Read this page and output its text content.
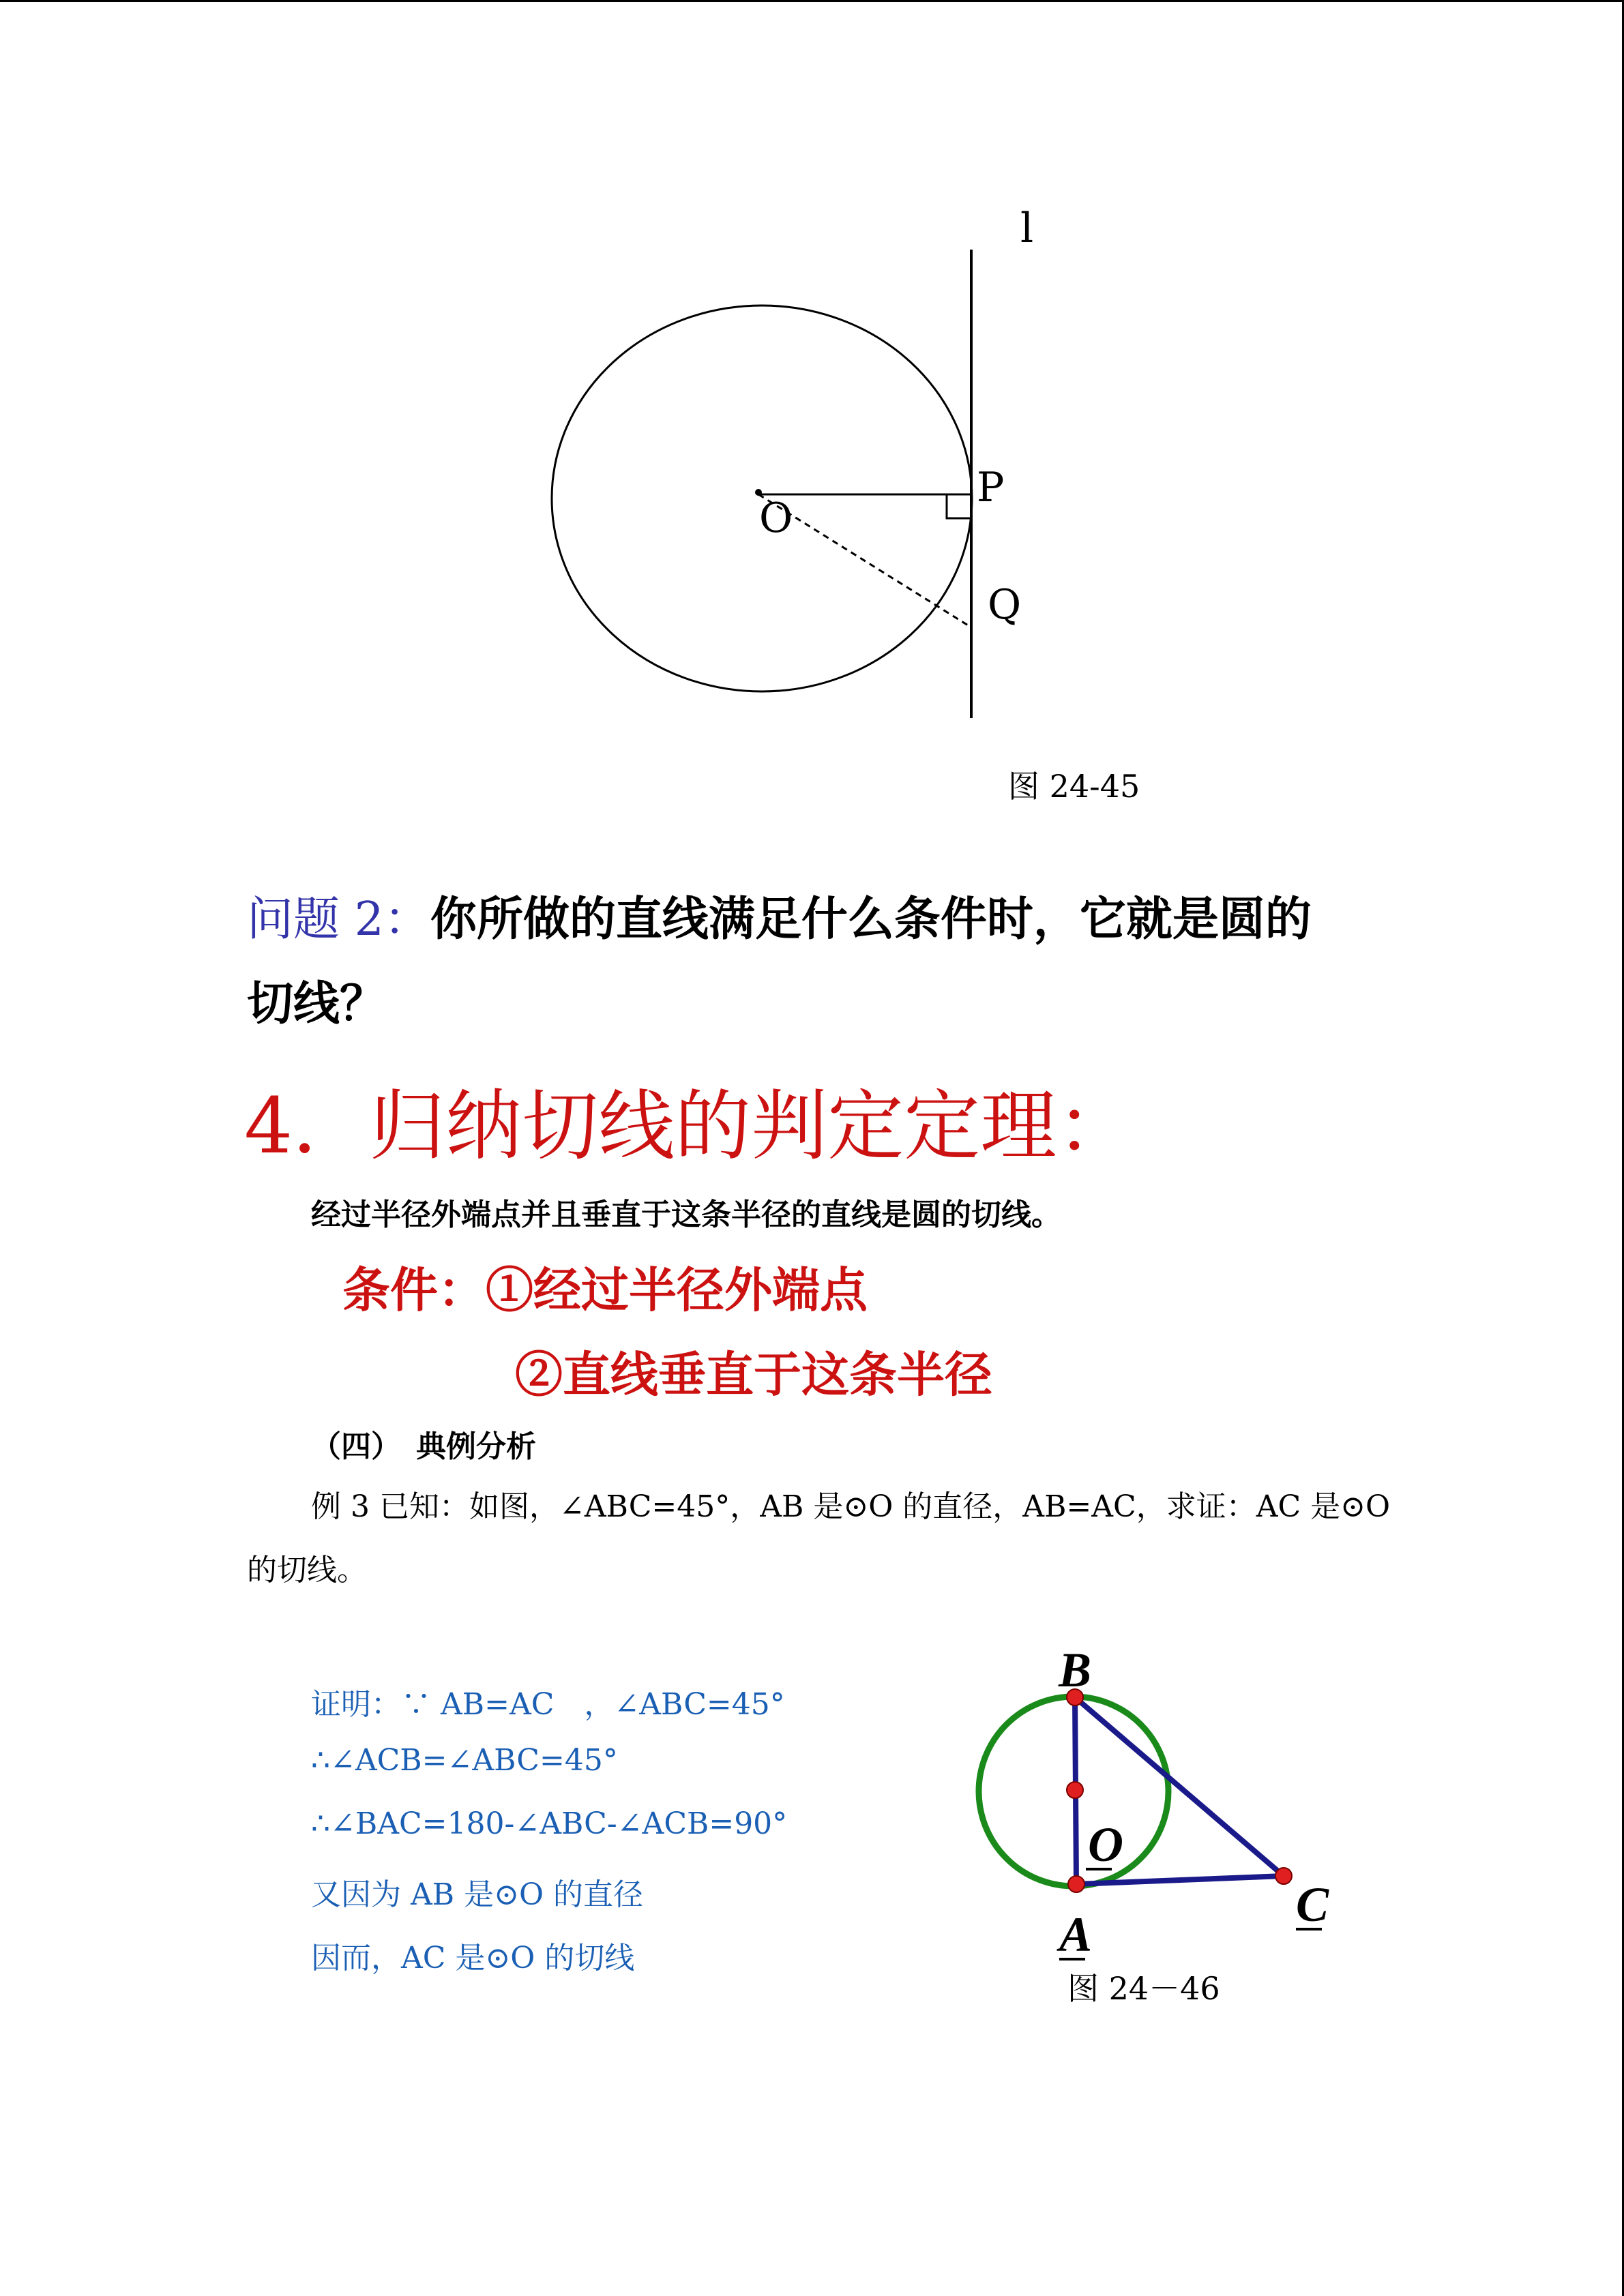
l
O
P
Q
图 24-45
问题 2：你所做的直线满足什么条件时，它就是圆的
切线？
4．归纳切线的判定定理：
经过半径外端点并且垂直于这条半径的直线是圆的切线。
条件：①经过半径外端点
②直线垂直于这条半径
（四）　典例分析
例 3 已知：如图，∠ABC=45°，AB 是⊙O 的直径，AB=AC，求证：AC 是⊙O
的切线。
证明：∵ AB=AC　，∠ABC=45°
∴∠ACB=∠ABC=45°
∴∠BAC=180-∠ABC-∠ACB=90°
又因为 AB 是⊙O 的直径
因而，AC 是⊙O 的切线
B
O
C
A
图 24－46
